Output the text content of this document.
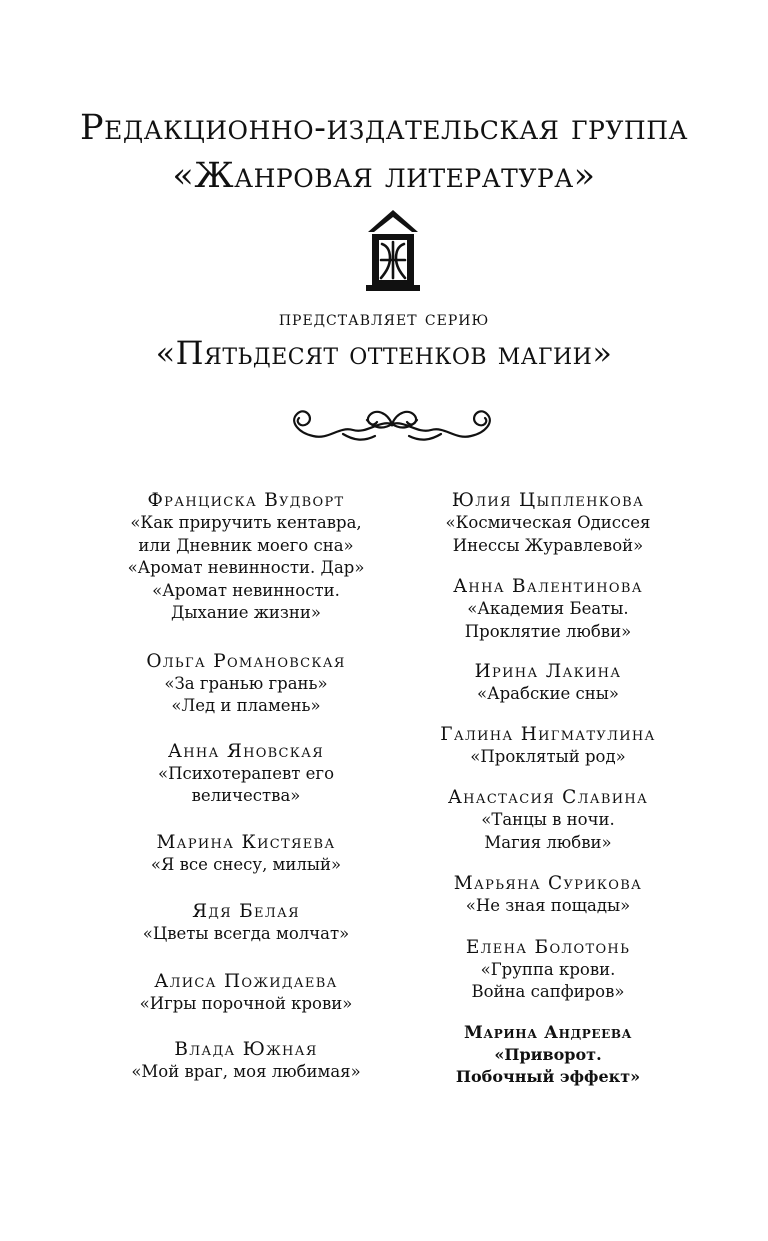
Редакционно-издательская группа
«Жанровая литература»
представляет серию
«Пятьдесят оттенков магии»
Франциска Вудворт
«Как приручить кентавра,
или Дневник моего сна»
«Аромат невинности. Дар»
«Аромат невинности.
Дыхание жизни»
Ольга Романовская
«За гранью грань»
«Лед и пламень»
Анна Яновская
«Психотерапевт его
величества»
Марина Кистяева
«Я все снесу, милый»
Ядя Белая
«Цветы всегда молчат»
Алиса Пожидаева
«Игры порочной крови»
Влада Южная
«Мой враг, моя любимая»
Юлия Цыпленкова
«Космическая Одиссея
Инессы Журавлевой»
Анна Валентинова
«Академия Беаты.
Проклятие любви»
Ирина Лакина
«Арабские сны»
Галина Нигматулина
«Проклятый род»
Анастасия Славина
«Танцы в ночи.
Магия любви»
Марьяна Сурикова
«Не зная пощады»
Елена Болотонь
«Группа крови.
Война сапфиров»
Марина Андреева
«Приворот.
Побочный эффект»
